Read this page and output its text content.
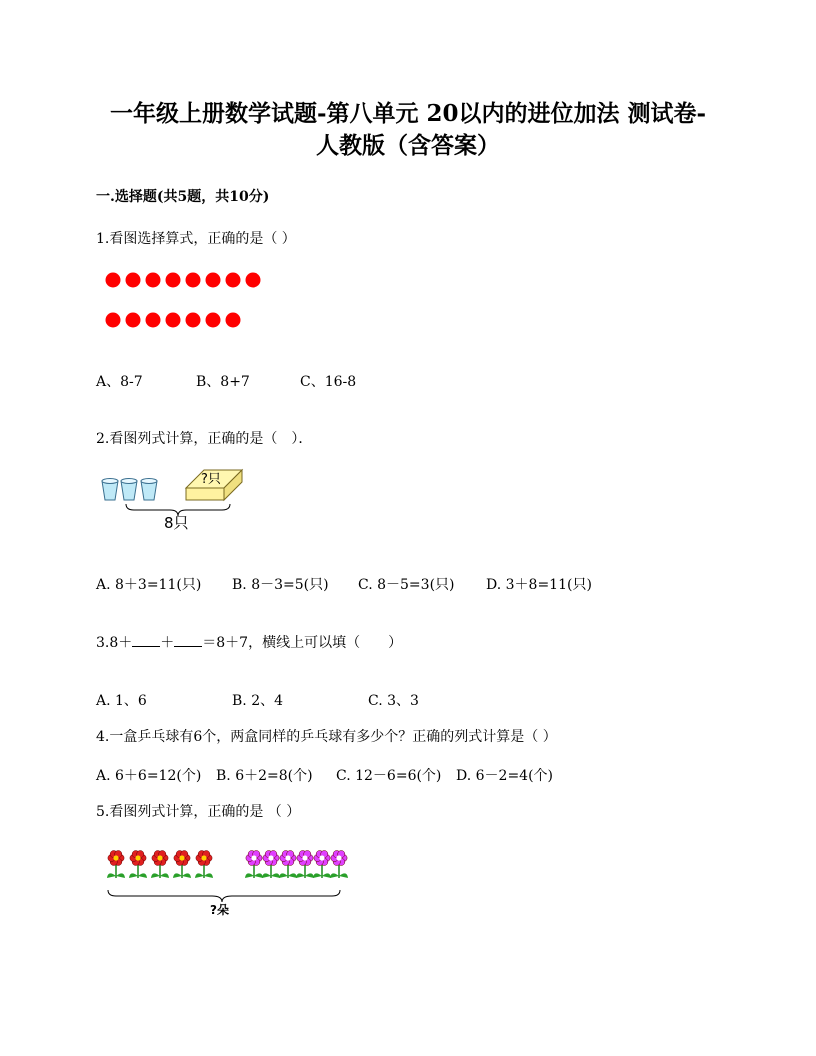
一年级上册数学试题-第八单元 20以内的进位加法 测试卷-
人教版（含答案）
一.选择题(共5题，共10分)
1.看图选择算式，正确的是（ ）
A、8-7	B、8+7	C、16-8
2.看图列式计算，正确的是（　）．
?只
8只
A. 8＋3=11(只) B. 8－3=5(只) C. 8－5=3(只) D. 3＋8=11(只)
3.8＋ ＋ ＝8＋7，横线上可以填（　　）
A. 1、6	B. 2、4	C. 3、3
4.一盒乒乓球有6个，两盒同样的乒乓球有多少个？正确的列式计算是（ ）
A. 6＋6=12(个) B. 6＋2=8(个) C. 12－6=6(个) D. 6－2=4(个)
5.看图列式计算，正确的是 （ ）
?朵
